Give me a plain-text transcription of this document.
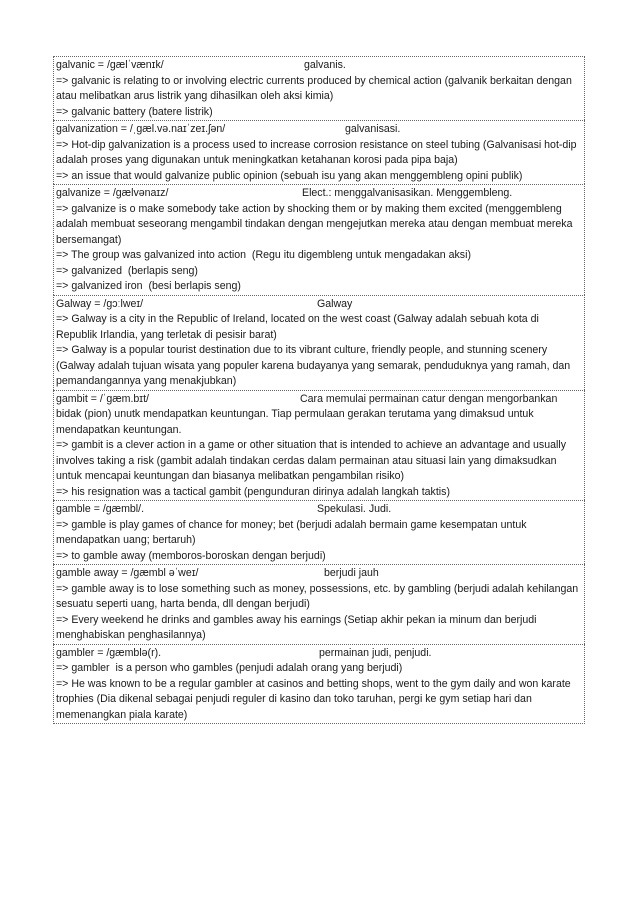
galvanic = /gælˈvænɪk/	galvanis.

=> galvanic is relating to or involving electric currents produced by chemical action (galvanik berkaitan dengan atau melibatkan arus listrik yang dihasilkan oleh aksi kimia)

=> galvanic battery (batere listrik)

galvanization = /ˌgæl.və.naɪˈzeɪ.ʃən/	galvanisasi.

=> Hot-dip galvanization is a process used to increase corrosion resistance on steel tubing (Galvanisasi hot-dip adalah proses yang digunakan untuk meningkatkan ketahanan korosi pada pipa baja)

=> an issue that would galvanize public opinion (sebuah isu yang akan menggembleng opini publik)

galvanize = /gælvənaɪz/	Elect.: menggalvanisasikan. Menggembleng.

=> galvanize is o make somebody take action by shocking them or by making them excited (menggembleng adalah membuat seseorang mengambil tindakan dengan mengejutkan mereka atau dengan membuat mereka bersemangat)

=> The group was galvanized into action  (Regu itu digembleng untuk mengadakan aksi)

=> galvanized  (berlapis seng)

=> galvanized iron  (besi berlapis seng)

Galway = /gɔːlweɪ/	Galway

=> Galway is a city in the Republic of Ireland, located on the west coast (Galway adalah sebuah kota di Republik Irlandia, yang terletak di pesisir barat)

=> Galway is a popular tourist destination due to its vibrant culture, friendly people, and stunning scenery (Galway adalah tujuan wisata yang populer karena budayanya yang semarak, penduduknya yang ramah, dan pemandangannya yang menakjubkan)

gambit = /ˈgæm.bɪt/	Cara memulai permainan catur dengan mengorbankan

bidak (pion) unutk mendapatkan keuntungan. Tiap permulaan gerakan terutama yang dimaksud untuk mendapatkan keuntungan.

=> gambit is a clever action in a game or other situation that is intended to achieve an advantage and usually involves taking a risk (gambit adalah tindakan cerdas dalam permainan atau situasi lain yang dimaksudkan untuk mencapai keuntungan dan biasanya melibatkan pengambilan risiko)

=> his resignation was a tactical gambit (pengunduran dirinya adalah langkah taktis)

gamble = /gæmbl/.	Spekulasi. Judi.

=> gamble is play games of chance for money; bet (berjudi adalah bermain game kesempatan untuk mendapatkan uang; bertaruh)

=> to gamble away (memboros-boroskan dengan berjudi)

gamble away = /gæmbl əˈweɪ/	berjudi jauh

=> gamble away is to lose something such as money, possessions, etc. by gambling (berjudi adalah kehilangan sesuatu seperti uang, harta benda, dll dengan berjudi)

=> Every weekend he drinks and gambles away his earnings (Setiap akhir pekan ia minum dan berjudi menghabiskan penghasilannya)

gambler = /gæmblə(r).	permainan judi, penjudi.

=> gambler  is a person who gambles (penjudi adalah orang yang berjudi)

=> He was known to be a regular gambler at casinos and betting shops, went to the gym daily and won karate trophies (Dia dikenal sebagai penjudi reguler di kasino dan toko taruhan, pergi ke gym setiap hari dan memenangkan piala karate)
